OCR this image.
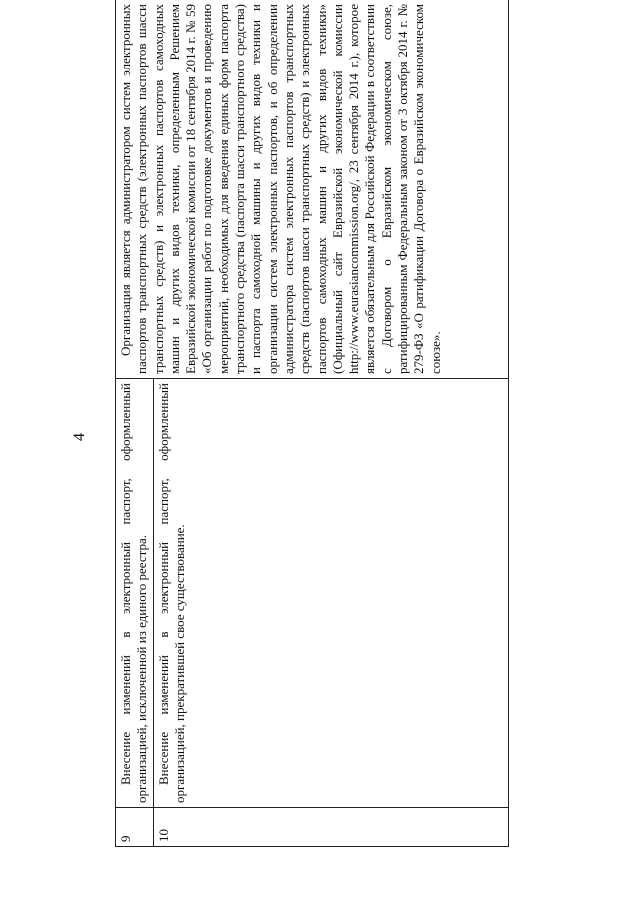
4
9	Внесение изменений в электронный паспорт, оформленный организацией, исключенной из единого реестра.	Организация является администратором систем электронных паспортов транспортных средств (электронных паспортов шасси транспортных средств) и электронных паспортов самоходных машин и других видов техники, определенным Решением Евразийской экономической комиссии от 18 сентября 2014 г. № 59 «Об организации работ по подготовке документов и проведению мероприятий, необходимых для введения единых форм паспорта транспортного средства (паспорта шасси транспортного средства) и паспорта самоходной машины и других видов техники и организации систем электронных паспортов, и об определении администратора систем электронных паспортов транспортных средств (паспортов шасси транспортных средств) и электронных паспортов самоходных машин и других видов техники» (Официальный сайт Евразийской экономической комиссии http://www.eurasiancommission.org/, 23 сентября 2014 г.), которое является обязательным для Российской Федерации в соответствии с Договором о Евразийском экономическом союзе, ратифицированным Федеральным законом от 3 октября 2014 г. № 279-ФЗ «О ратификации Договора о Евразийском экономическом союзе».

10	Внесение изменений в электронный паспорт, оформленный организацией, прекратившей свое существование.	
